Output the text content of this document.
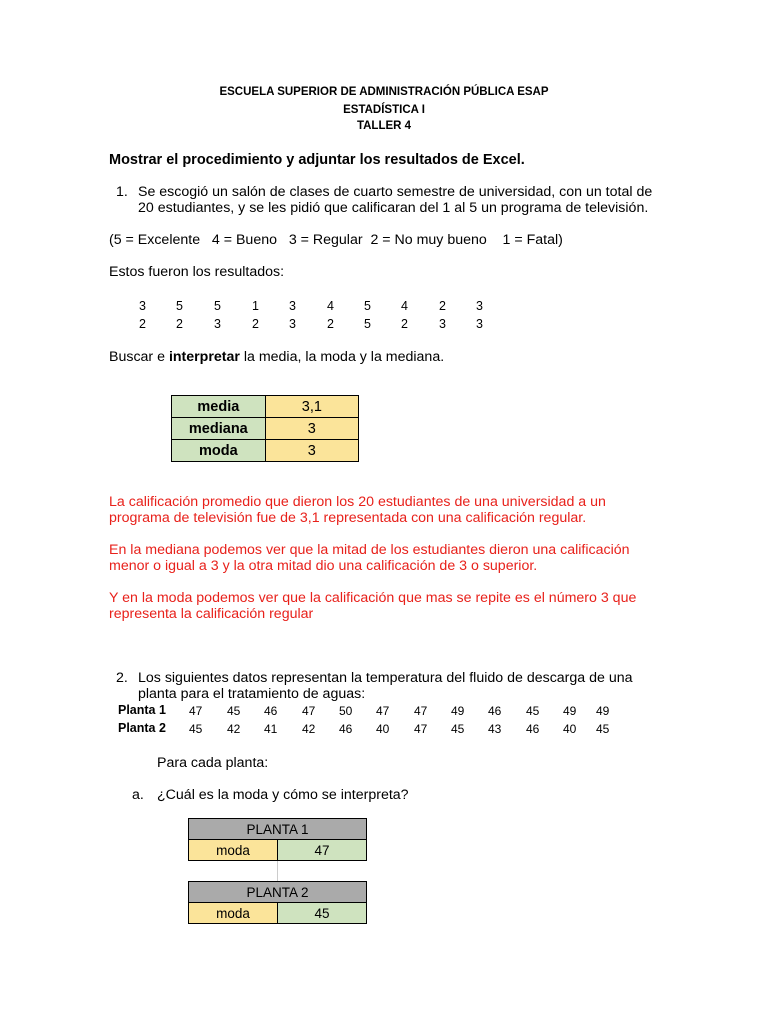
ESCUELA SUPERIOR DE ADMINISTRACIÓN PÚBLICA ESAP
ESTADÍSTICA I
TALLER 4
Mostrar el procedimiento y adjuntar los resultados de Excel.
1. Se escogió un salón de clases de cuarto semestre de universidad, con un total de
20 estudiantes, y se les pidió que calificaran del 1 al 5 un programa de televisión.
(5 = Excelente   4 = Bueno   3 = Regular  2 = No muy bueno    1 = Fatal)
Estos fueron los resultados:
3 5 5 1 3 4 5 4 2 3
2 2 3 2 3 2 5 2 3 3
Buscar e interpretar la media, la moda y la mediana.
media	3,1
mediana	3
moda	3
La calificación promedio que dieron los 20 estudiantes de una universidad a un
programa de televisión fue de 3,1 representada con una calificación regular.
En la mediana podemos ver que la mitad de los estudiantes dieron una calificación
menor o igual a 3 y la otra mitad dio una calificación de 3 o superior.
Y en la moda podemos ver que la calificación que mas se repite es el número 3 que
representa la calificación regular
2. Los siguientes datos representan la temperatura del fluido de descarga de una
planta para el tratamiento de aguas:
Planta 1 47 45 46 47 50 47 47 49 46 45 49 49
Planta 2 45 42 41 42 46 40 47 45 43 46 40 45
Para cada planta:
a. ¿Cuál es la moda y cómo se interpreta?
PLANTA 1
moda	47
PLANTA 2
moda	45
